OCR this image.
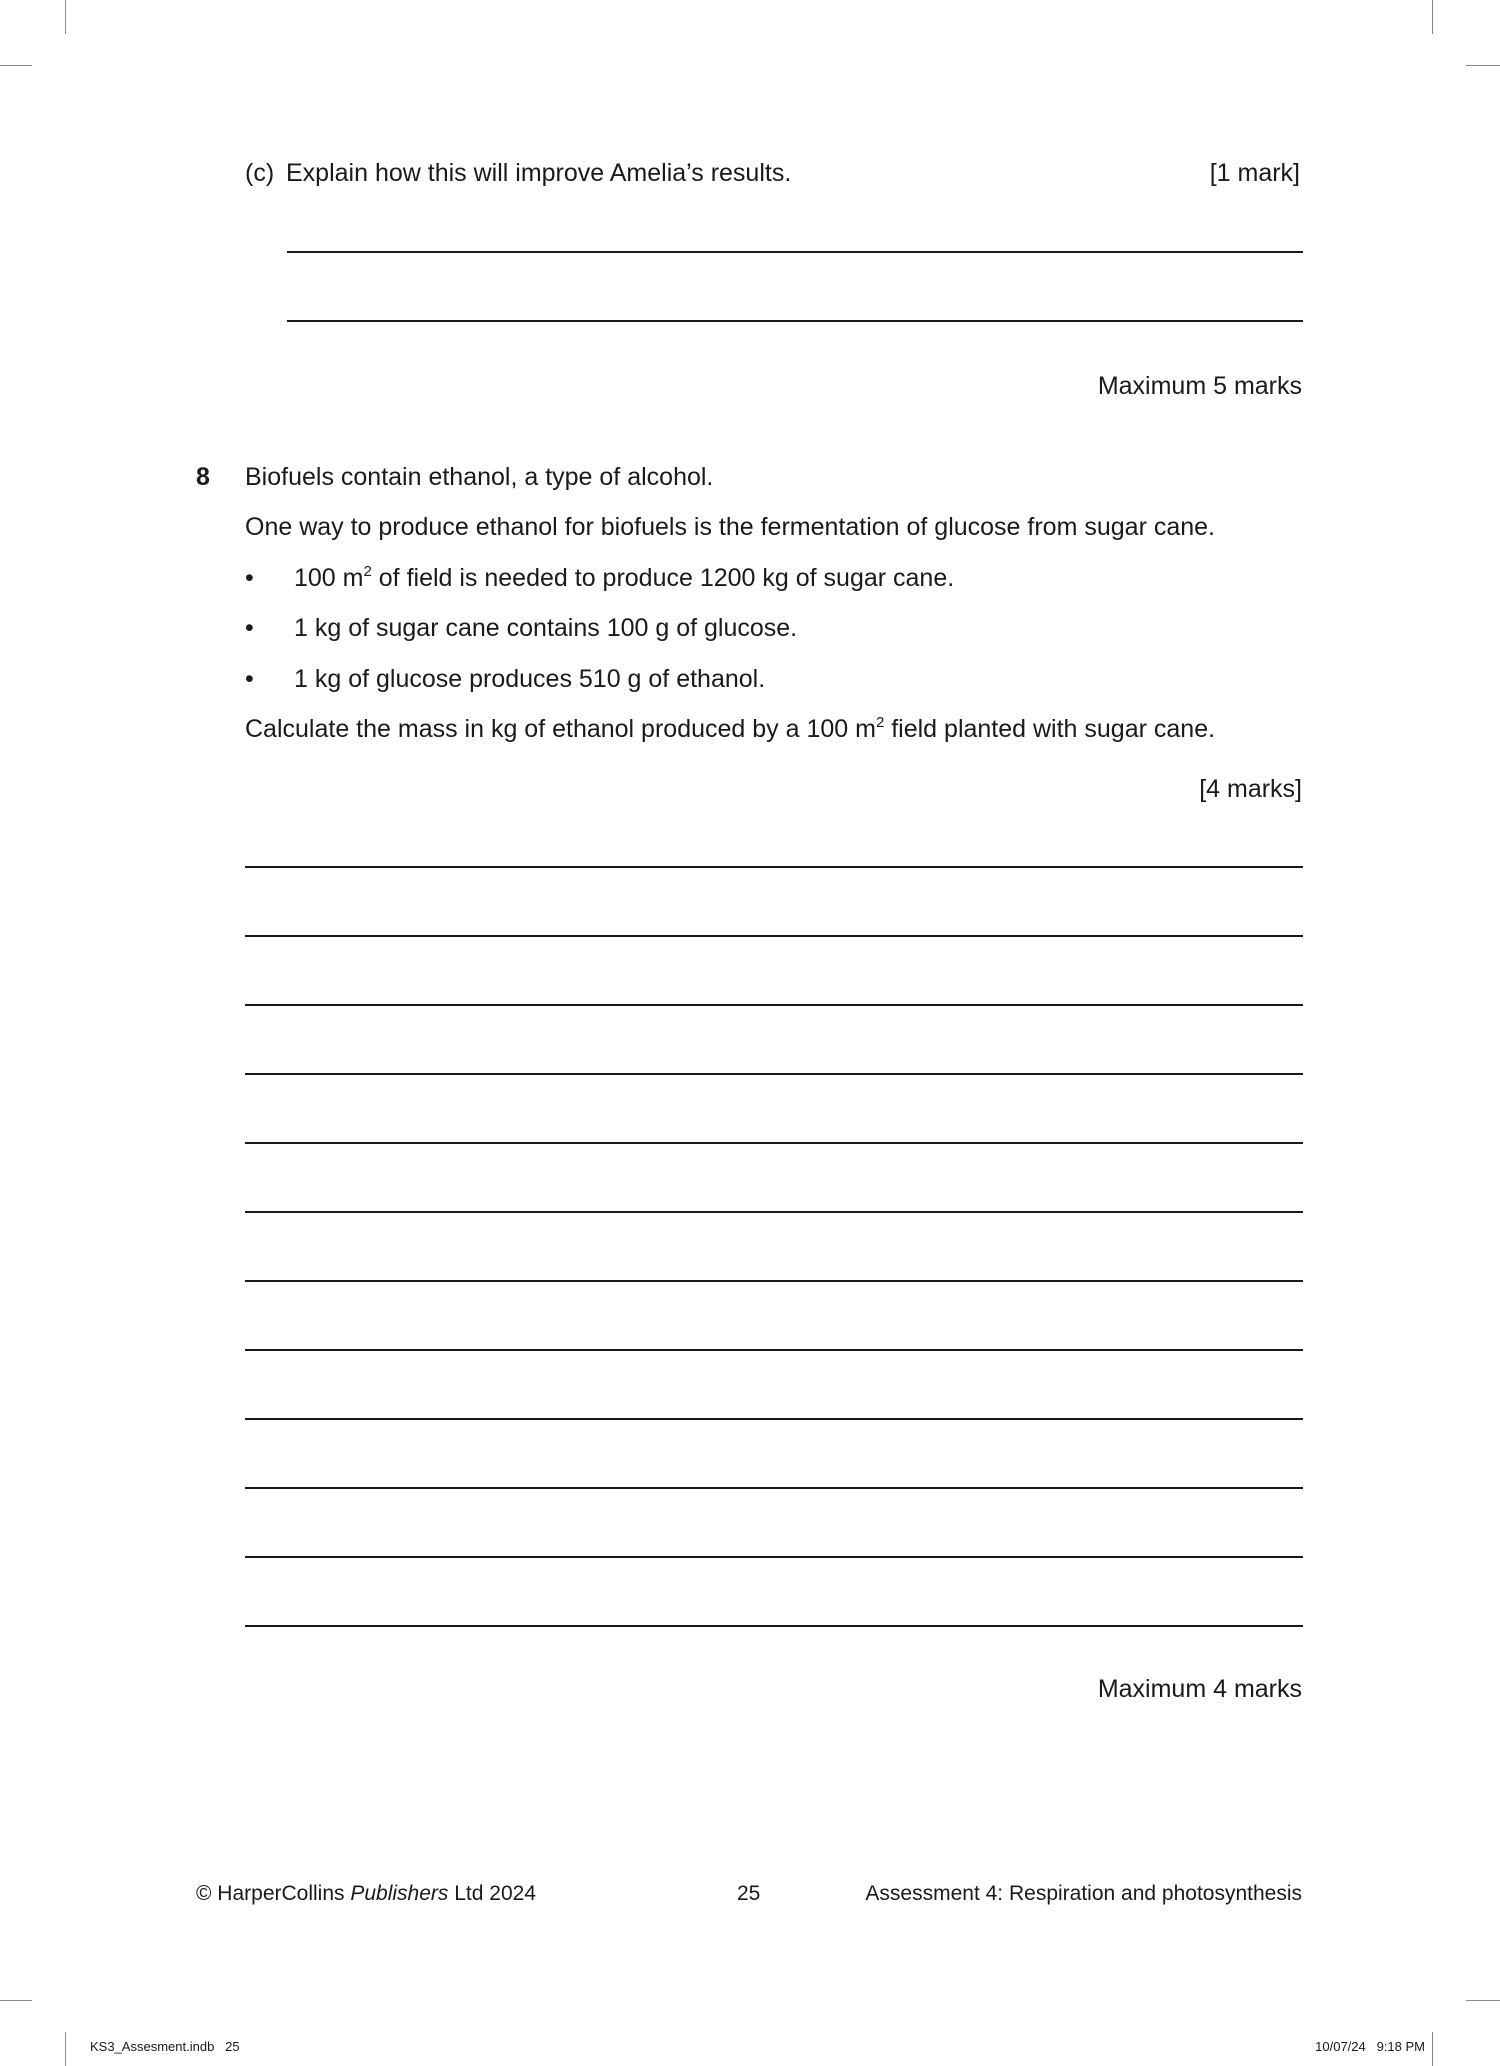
(c) Explain how this will improve Amelia’s results.	[1 mark]
Maximum 5 marks
8 Biofuels contain ethanol, a type of alcohol.
One way to produce ethanol for biofuels is the fermentation of glucose from sugar cane.
• 100 $m^2$ of field is needed to produce 1200 kg of sugar cane.
• 1 kg of sugar cane contains 100 g of glucose.
• 1 kg of glucose produces 510 g of ethanol.
Calculate the mass in kg of ethanol produced by a 100 $m^2$ field planted with sugar cane.
[4 marks]
Maximum 4 marks
© HarperCollins Publishers Ltd 2024	25	Assessment 4: Respiration and photosynthesis
KS3_Assesment.indb   25	10/07/24   9:18 PM
